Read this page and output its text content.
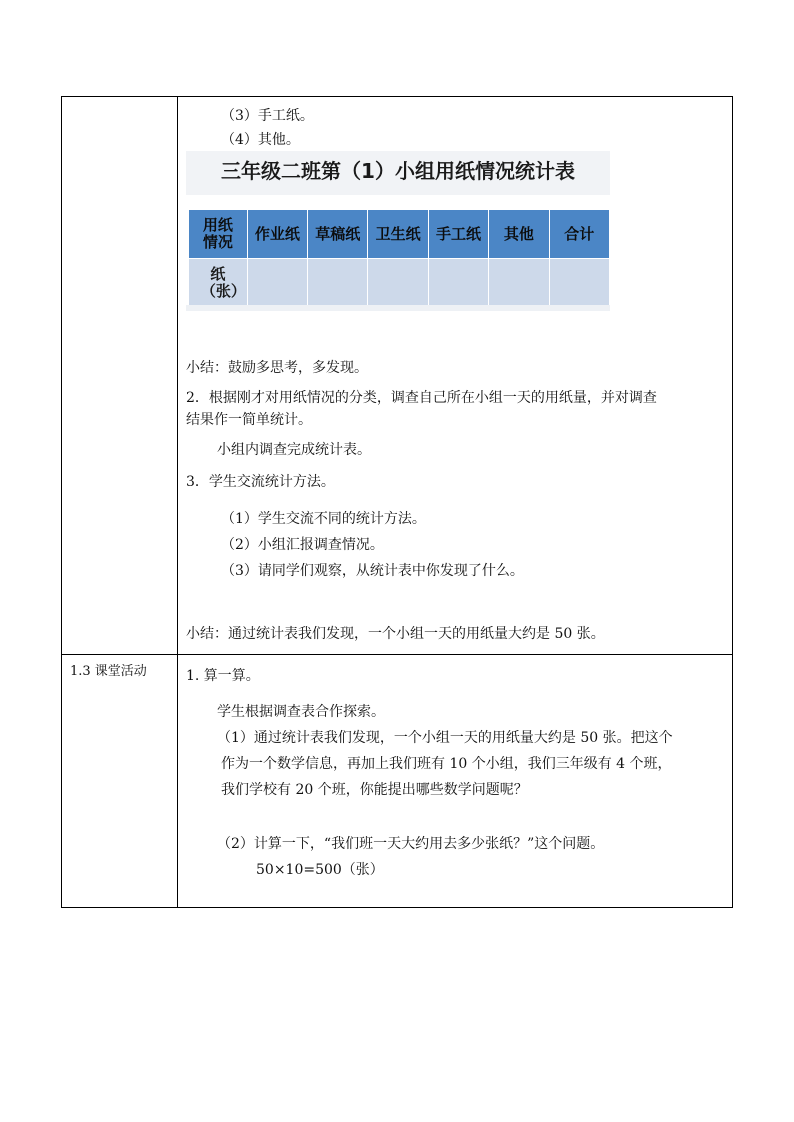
（3）手工纸。
（4）其他。
三年级二班第（1）小组用纸情况统计表
用纸情况	作业纸	草稿纸	卫生纸	手工纸	其他	合计
纸（张）						
小结：鼓励多思考，多发现。
2．根据刚才对用纸情况的分类，调查自己所在小组一天的用纸量，并对调查
结果作一简单统计。
小组内调查完成统计表。
3．学生交流统计方法。
（1）学生交流不同的统计方法。
（2）小组汇报调查情况。
（3）请同学们观察，从统计表中你发现了什么。
小结：通过统计表我们发现，一个小组一天的用纸量大约是 50 张。
1.3 课堂活动	1. 算一算。
学生根据调查表合作探索。
（1）通过统计表我们发现，一个小组一天的用纸量大约是 50 张。把这个
作为一个数学信息，再加上我们班有 10 个小组，我们三年级有 4 个班，
我们学校有 20 个班，你能提出哪些数学问题呢？
（2）计算一下，“我们班一天大约用去多少张纸？”这个问题。
50×10=500（张）
